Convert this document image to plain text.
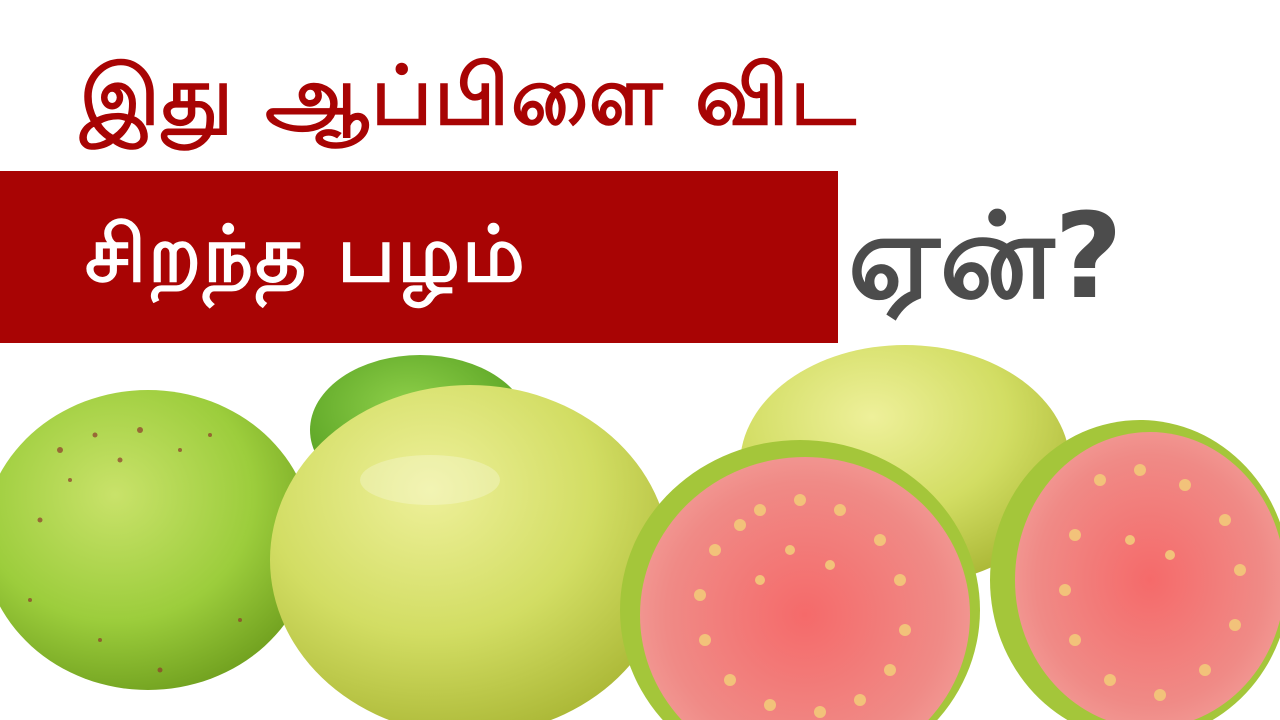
இது ஆப்பிளை விட
சிறந்த பழம்	ஏன்?
